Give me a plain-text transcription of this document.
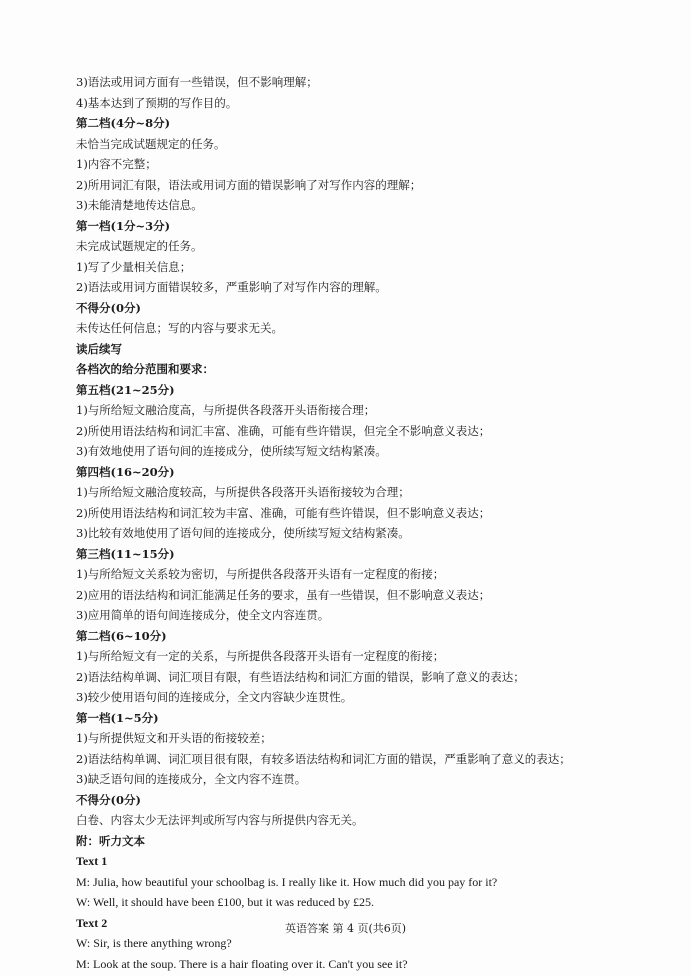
3)语法或用词方面有一些错误，但不影响理解；
4)基本达到了预期的写作目的。
第二档(4分~8分)
未恰当完成试题规定的任务。
1)内容不完整；
2)所用词汇有限，语法或用词方面的错误影响了对写作内容的理解；
3)未能清楚地传达信息。
第一档(1分~3分)
未完成试题规定的任务。
1)写了少量相关信息；
2)语法或用词方面错误较多，严重影响了对写作内容的理解。
不得分(0分)
未传达任何信息；写的内容与要求无关。
读后续写
各档次的给分范围和要求：
第五档(21~25分)
1)与所给短文融洽度高，与所提供各段落开头语衔接合理；
2)所使用语法结构和词汇丰富、准确，可能有些许错误，但完全不影响意义表达；
3)有效地使用了语句间的连接成分，使所续写短文结构紧凑。
第四档(16~20分)
1)与所给短文融洽度较高，与所提供各段落开头语衔接较为合理；
2)所使用语法结构和词汇较为丰富、准确，可能有些许错误，但不影响意义表达；
3)比较有效地使用了语句间的连接成分，使所续写短文结构紧凑。
第三档(11~15分)
1)与所给短文关系较为密切，与所提供各段落开头语有一定程度的衔接；
2)应用的语法结构和词汇能满足任务的要求，虽有一些错误，但不影响意义表达；
3)应用简单的语句间连接成分，使全文内容连贯。
第二档(6~10分)
1)与所给短文有一定的关系，与所提供各段落开头语有一定程度的衔接；
2)语法结构单调、词汇项目有限，有些语法结构和词汇方面的错误，影响了意义的表达；
3)较少使用语句间的连接成分，全文内容缺少连贯性。
第一档(1~5分)
1)与所提供短文和开头语的衔接较差；
2)语法结构单调、词汇项目很有限，有较多语法结构和词汇方面的错误，严重影响了意义的表达；
3)缺乏语句间的连接成分，全文内容不连贯。
不得分(0分)
白卷、内容太少无法评判或所写内容与所提供内容无关。
附：听力文本
Text 1
M: Julia, how beautiful your schoolbag is. I really like it. How much did you pay for it?
W: Well, it should have been £100, but it was reduced by £25.
Text 2
W: Sir, is there anything wrong?
M: Look at the soup. There is a hair floating over it. Can't you see it?
英语答案 第 4 页(共6页)
